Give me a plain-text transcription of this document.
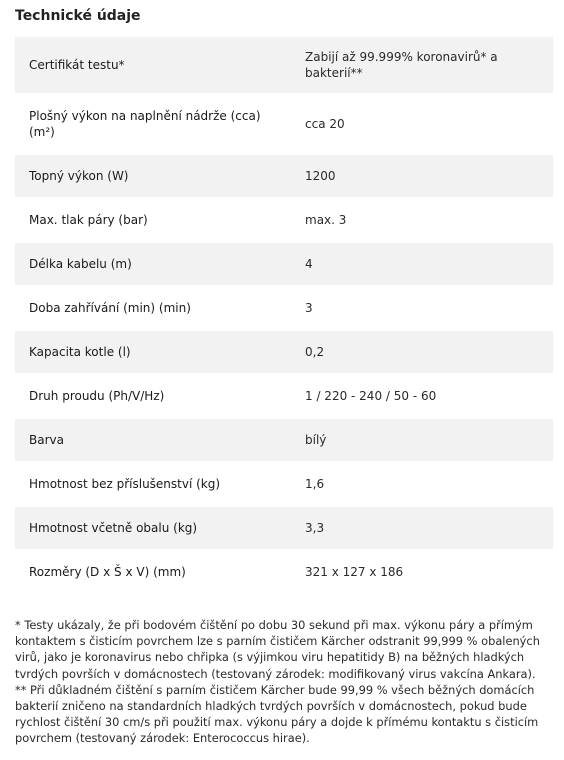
Technické údaje
Certifikát testu*	Zabijí až 99.999% koronavirů* a bakterií**
Plošný výkon na naplnění nádrže (cca) (m²)	cca 20
Topný výkon (W)	1200
Max. tlak páry (bar)	max. 3
Délka kabelu (m)	4
Doba zahřívání (min) (min)	3
Kapacita kotle (l)	0,2
Druh proudu (Ph/V/Hz)	1 / 220 - 240 / 50 - 60
Barva	bílý
Hmotnost bez příslušenství (kg)	1,6
Hmotnost včetně obalu (kg)	3,3
Rozměry (D x Š x V) (mm)	321 x 127 x 186

* Testy ukázaly, že při bodovém čištění po dobu 30 sekund při max. výkonu páry a přímým kontaktem s čisticím povrchem lze s parním čističem Kärcher odstranit 99,999 % obalených virů, jako je koronavirus nebo chřipka (s výjimkou viru hepatitidy B) na běžných hladkých tvrdých površích v domácnostech (testovaný zárodek: modifikovaný virus vakcína Ankara).

** Při důkladném čištění s parním čističem Kärcher bude 99,99 % všech běžných domácích bakterií zničeno na standardních hladkých tvrdých površích v domácnostech, pokud bude rychlost čištění 30 cm/s při použití max. výkonu páry a dojde k přímému kontaktu s čisticím povrchem (testovaný zárodek: Enterococcus hirae).
